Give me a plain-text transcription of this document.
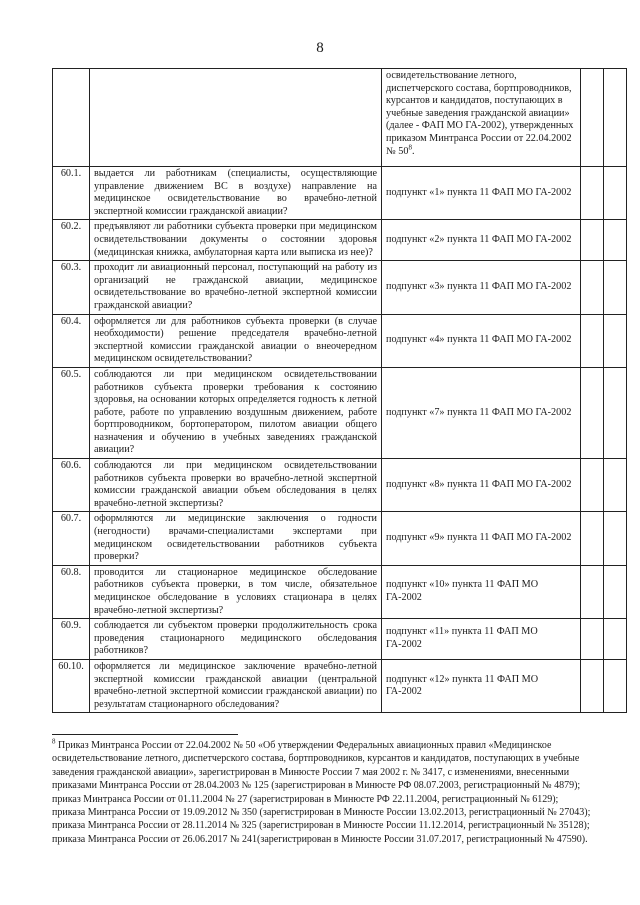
8
		освидетельствование летного, диспетчерского состава, бортпроводников, курсантов и кандидатов, поступающих в учебные заведения гражданской авиации» (далее - ФАП МО ГА-2002), утвержденных приказом Минтранса России от 22.04.2002 № $50^8$.		
60.1.	выдается ли работникам (специалисты, осуществляющие управление движением ВС в воздухе) направление на медицинское освидетельствование во врачебно-летной экспертной комиссии гражданской авиации?	подпункт «1» пункта 11 ФАП МО ГА-2002		
60.2.	предъявляют ли работники субъекта проверки при медицинском освидетельствовании документы о состоянии здоровья (медицинская книжка, амбулаторная карта или выписка из нее)?	подпункт «2» пункта 11 ФАП МО ГА-2002		
60.3.	проходит ли авиационный персонал, поступающий на работу из организаций не гражданской авиации, медицинское освидетельствование во врачебно-летной экспертной комиссии гражданской авиации?	подпункт «3» пункта 11 ФАП МО ГА-2002		
60.4.	оформляется ли для работников субъекта проверки (в случае необходимости) решение председателя врачебно-летной экспертной комиссии гражданской авиации о внеочередном медицинском освидетельствовании?	подпункт «4» пункта 11 ФАП МО ГА-2002		
60.5.	соблюдаются ли при медицинском освидетельствовании работников субъекта проверки требования к состоянию здоровья, на основании которых определяется годность к летной работе, работе по управлению воздушным движением, работе бортпроводником, бортоператором, пилотом авиации общего назначения и обучению в учебных заведениях гражданской авиации?	подпункт «7» пункта 11 ФАП МО ГА-2002		
60.6.	соблюдаются ли при медицинском освидетельствовании работников субъекта проверки во врачебно-летной экспертной комиссии гражданской авиации объем обследования в целях врачебно-летной экспертизы?	подпункт «8» пункта 11 ФАП МО ГА-2002		
60.7.	оформляются ли медицинские заключения о годности (негодности) врачами-специалистами экспертами при медицинском освидетельствовании работников субъекта проверки?	подпункт «9» пункта 11 ФАП МО ГА-2002		
60.8.	проводится ли стационарное медицинское обследование работников субъекта проверки, в том числе, обязательное медицинское обследование в условиях стационара в целях врачебно-летной экспертизы?	подпункт «10» пункта 11 ФАП МО ГА-2002		
60.9.	соблюдается ли субъектом проверки продолжительность срока проведения стационарного медицинского обследования работников?	подпункт «11» пункта 11 ФАП МО ГА-2002		
60.10.	оформляется ли медицинское заключение врачебно-летной экспертной комиссии гражданской авиации (центральной врачебно-летной экспертной комиссии гражданской авиации) по результатам стационарного обследования?	подпункт «12» пункта 11 ФАП МО ГА-2002		
$^8$ Приказ Минтранса России от 22.04.2002 № 50 «Об утверждении Федеральных авиационных правил «Медицинское освидетельствование летного, диспетчерского состава, бортпроводников, курсантов и кандидатов, поступающих в учебные заведения гражданской авиации», зарегистрирован в Минюсте России 7 мая 2002 г. № 3417, с изменениями, внесенными приказами Минтранса России от 28.04.2003 № 125 (зарегистрирован в Минюсте РФ 08.07.2003, регистрационный № 4879); приказ Минтранса России от 01.11.2004 № 27 (зарегистрирован в Минюсте РФ 22.11.2004, регистрационный № 6129); приказа Минтранса России от 19.09.2012 № 350 (зарегистрирован в Минюсте России 13.02.2013, регистрационный № 27043); приказа Минтранса России от 28.11.2014 № 325 (зарегистрирован в Минюсте России 11.12.2014, регистрационный № 35128); приказа Минтранса России от 26.06.2017 № 241(зарегистрирован в Минюсте России 31.07.2017, регистрационный № 47590).
